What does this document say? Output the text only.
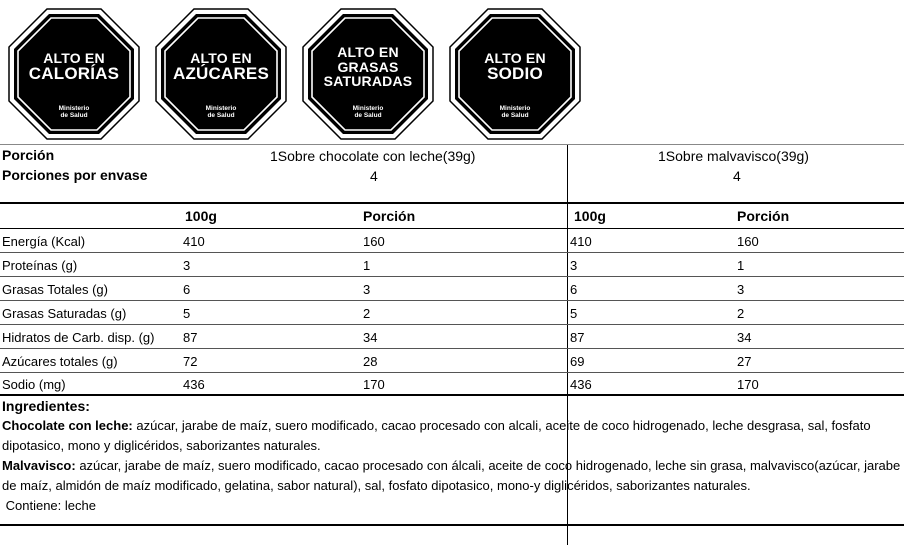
ALTO EN
CALORÍAS
Ministerio
de Salud
ALTO EN
AZÚCARES
Ministerio
de Salud
ALTO EN
GRASAS
SATURADAS
Ministerio
de Salud
ALTO EN
SODIO
Ministerio
de Salud
Porción	1Sobre chocolate con leche(39g)	1Sobre malvavisco(39g)
Porciones por envase	4	4
100g	Porción	100g	Porción
Energía (Kcal)	410	160	410	160
Proteínas (g)	3	1	3	1
Grasas Totales (g)	6	3	6	3
Grasas Saturadas (g)	5	2	5	2
Hidratos de Carb. disp. (g) 87	34	87	34
Azúcares totales (g)	72	28	69	27
Sodio (mg)	436	170	436	170

Ingredientes:

Chocolate con leche: azúcar, jarabe de maíz, suero modificado, cacao procesado con alcali, aceite de coco hidrogenado, leche desgrasa, sal, fosfato dipotasico, mono y diglicéridos, saborizantes naturales.

Malvavisco: azúcar, jarabe de maíz, suero modificado, cacao procesado con álcali, aceite de coco hidrogenado, leche sin grasa, malvavisco(azúcar, jarabe de maíz, almidón de maíz modificado, gelatina, sabor natural), sal, fosfato dipotasico, mono-y diglicéridos, saborizantes naturales.

Contiene: leche
